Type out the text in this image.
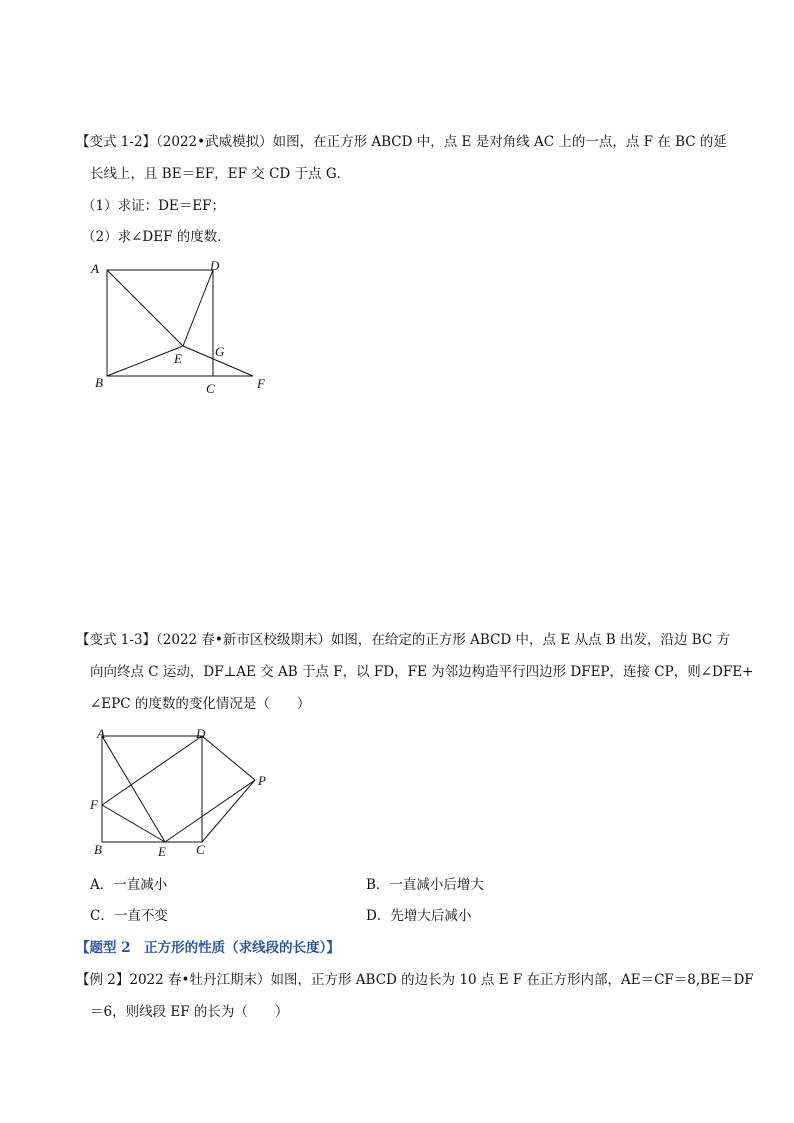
【变式 1-2】（2022•武威模拟）如图，在正方形 ABCD 中，点 E 是对角线 AC 上的一点，点 F 在 BC 的延
长线上，且 BE＝EF，EF 交 CD 于点 G．
（1）求证：DE＝EF；
（2）求∠DEF 的度数．
A	D
E	G
B	C	F
【变式 1-3】（2022 春•新市区校级期末）如图，在给定的正方形 ABCD 中，点 E 从点 B 出发，沿边 BC 方
向向终点 C 运动，DF⊥AE 交 AB 于点 F，以 FD，FE 为邻边构造平行四边形 DFEP，连接 CP，则∠DFE+
∠EPC 的度数的变化情况是（　　）
A	D
P
F
B	E C
A．一直减小	B．一直减小后增大
C．一直不变	D．先增大后减小
【题型 2　正方形的性质（求线段的长度）】
【例 2】2022 春•牡丹江期末）如图，正方形 ABCD 的边长为 10 点 E F 在正方形内部，AE＝CF＝8,BE＝DF
＝6，则线段 EF 的长为（　　）
